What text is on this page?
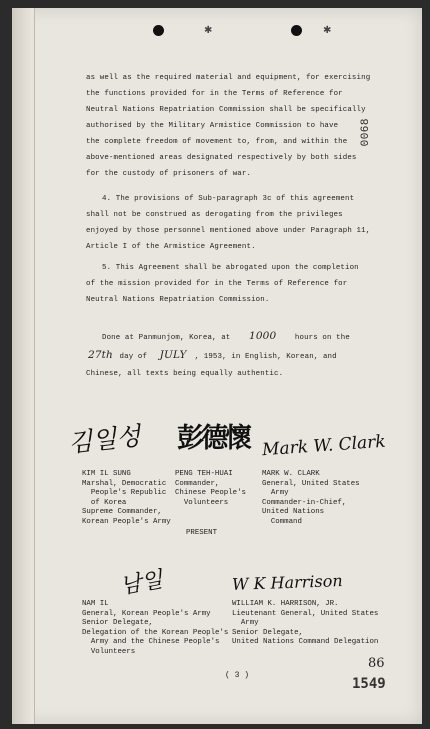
✱	✱
0068
as well as the required material and equipment, for exercising
the functions provided for in the Terms of Reference for
Neutral Nations Repatriation Commission shall be specifically
authorised by the Military Armistice Commission to have
the complete freedom of movement to, from, and within the
above-mentioned areas designated respectively by both sides
for the custody of prisoners of war.
4. The provisions of Sub-paragraph 3c of this agreement
shall not be construed as derogating from the privileges
enjoyed by those personnel mentioned above under Paragraph 11,
Article I of the Armistice Agreement.
5. This Agreement shall be abrogated upon the completion
of the mission provided for in the Terms of Reference for
Neutral Nations Repatriation Commission.
Done at Panmunjom, Korea, at 1000	hours on the
27th day of JULY , 1953, in English, Korean, and
Chinese, all texts being equally authentic.
김일성 彭德懷 Mark W. Clark
KIM IL SUNG
Marshal, Democratic
People's Republic
of Korea
Supreme Commander,
Korean People's Army
PENG TEH-HUAI
Commander,
Chinese People's
Volunteers
MARK W. CLARK
General, United States
Army
Commander-in-Chief,
United Nations
Command
PRESENT
남일	W K Harrison
NAM IL
General, Korean People's Army
Senior Delegate,
Delegation of the Korean People's
Army and the Chinese People's
Volunteers
WILLIAM K. HARRISON, JR.
Lieutenant General, United States
Army
Senior Delegate,
United Nations Command Delegation
( 3 )
86
1549
